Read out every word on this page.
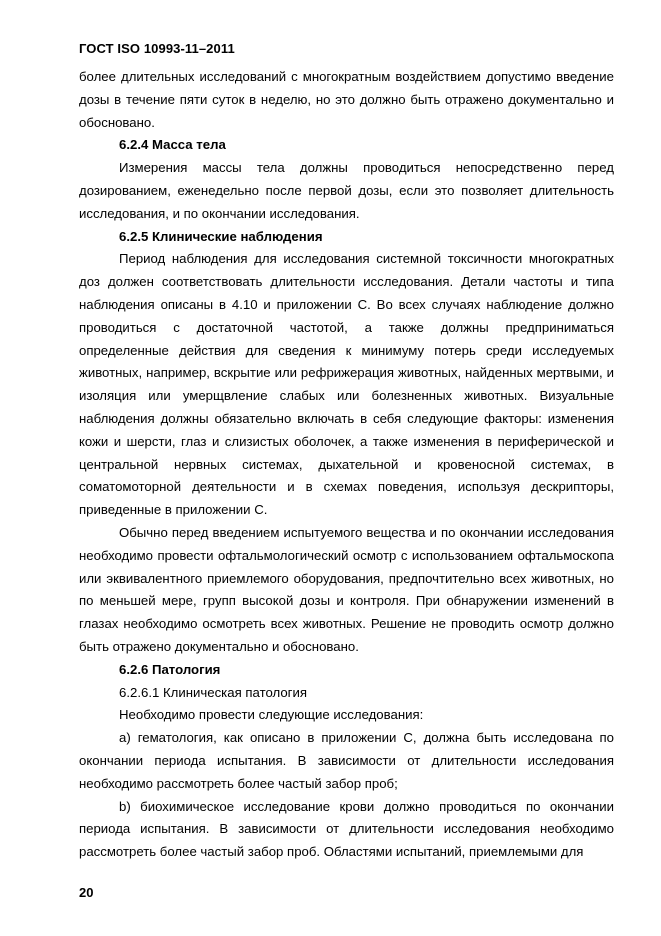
ГОСТ ISO 10993-11–2011

более длительных исследований с многократным воздействием допустимо введение дозы в течение пяти суток в неделю, но это должно быть отражено документально и обосновано.

6.2.4 Масса тела

Измерения массы тела должны проводиться непосредственно перед дозированием, еженедельно после первой дозы, если это позволяет длительность исследования, и по окончании исследования.

6.2.5 Клинические наблюдения

Период наблюдения для исследования системной токсичности многократных доз должен соответствовать длительности исследования. Детали частоты и типа наблюдения описаны в 4.10 и приложении С. Во всех случаях наблюдение должно проводиться с достаточной частотой, а также должны предприниматься определенные действия для сведения к минимуму потерь среди исследуемых животных, например, вскрытие или рефрижерация животных, найденных мертвыми, и изоляция или умерщвление слабых или болезненных животных. Визуальные наблюдения должны обязательно включать в себя следующие факторы: изменения кожи и шерсти, глаз и слизистых оболочек, а также изменения в периферической и центральной нервных системах, дыхательной и кровеносной системах, в соматомоторной деятельности и в схемах поведения, используя дескрипторы, приведенные в приложении С.

Обычно перед введением испытуемого вещества и по окончании исследования необходимо провести офтальмологический осмотр с использованием офтальмоскопа или эквивалентного приемлемого оборудования, предпочтительно всех животных, но по меньшей мере, групп высокой дозы и контроля. При обнаружении изменений в глазах необходимо осмотреть всех животных. Решение не проводить осмотр должно быть отражено документально и обосновано.

6.2.6 Патология

6.2.6.1 Клиническая патология

Необходимо провести следующие исследования:

а) гематология, как описано в приложении С, должна быть исследована по окончании периода испытания. В зависимости от длительности исследования необходимо рассмотреть более частый забор проб;

b) биохимическое исследование крови должно проводиться по окончании периода испытания. В зависимости от длительности исследования необходимо рассмотреть более частый забор проб. Областями испытаний, приемлемыми для

20
